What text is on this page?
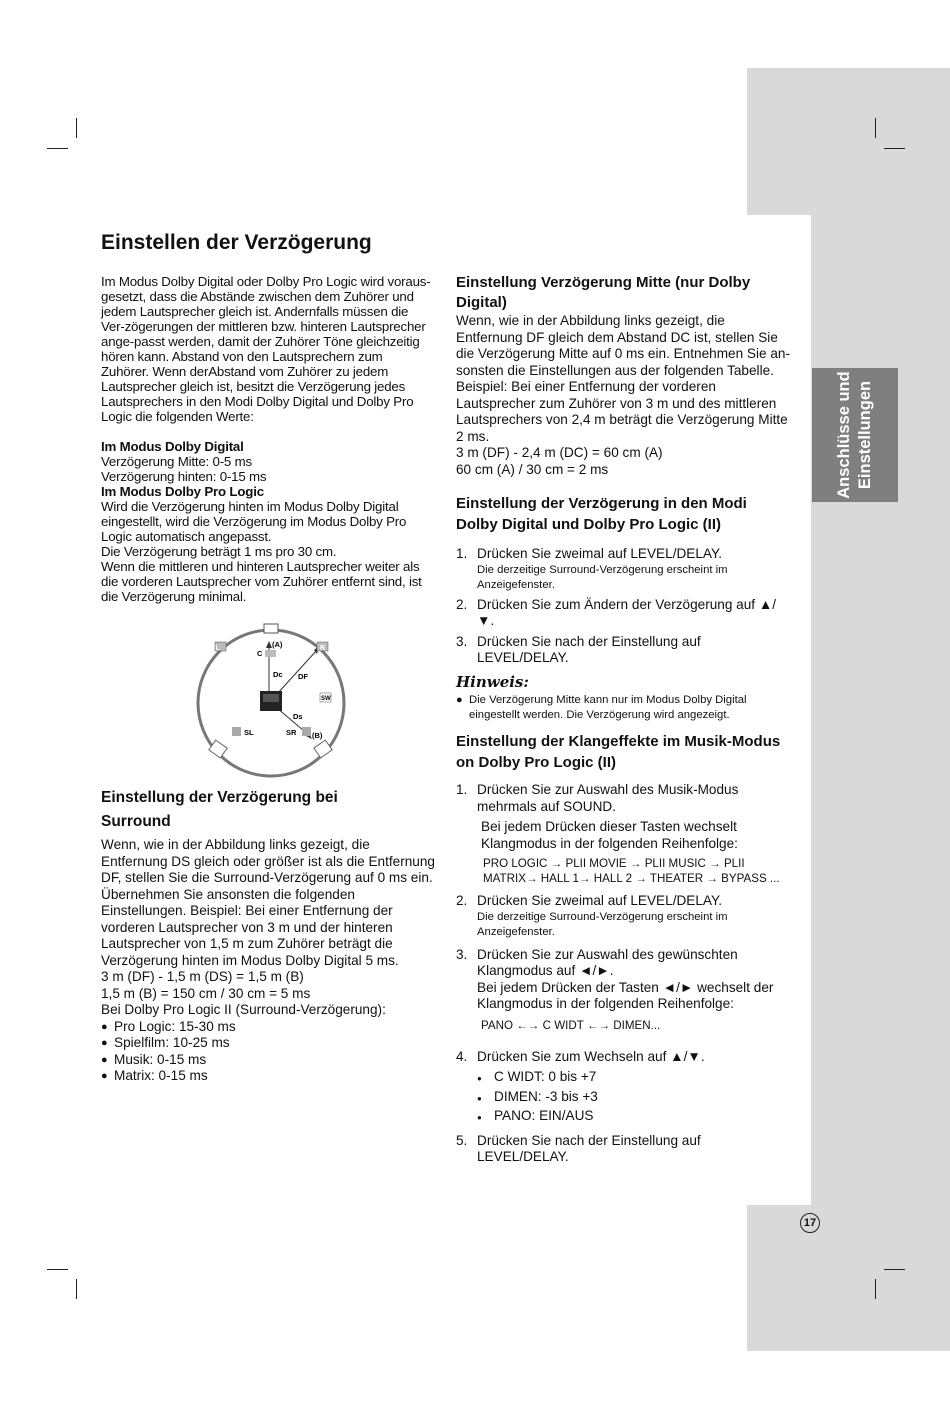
Anschlüsse und Einstellungen
Einstellen der Verzögerung

Im Modus Dolby Digital oder Dolby Pro Logic wird voraus-gesetzt, dass die Abstände zwischen dem Zuhörer und jedem Lautsprecher gleich ist. Andernfalls müssen die Ver-zögerungen der mittleren bzw. hinteren Lautsprecher ange-passt werden, damit der Zuhörer Töne gleichzeitig hören kann. Abstand von den Lautsprechern zum Zuhörer. Wenn derAbstand vom Zuhörer zu jedem Lautsprecher gleich ist, besitzt die Verzögerung jedes Lautsprechers in den Modi Dolby Digital und Dolby Pro Logic die folgenden Werte:

Im Modus Dolby Digital

Verzögerung Mitte: 0-5 ms

Verzögerung hinten: 0-15 ms

Im Modus Dolby Pro Logic

Wird die Verzögerung hinten im Modus Dolby Digital eingestellt, wird die Verzögerung im Modus Dolby Pro Logic automatisch angepasst.

Die Verzögerung beträgt 1 ms pro 30 cm.

Wenn die mittleren und hinteren Lautsprecher weiter als die vorderen Lautsprecher vom Zuhörer entfernt sind, ist die Verzögerung minimal.

L	R
C
(A)
Dc DF
Ds
SW
SL	SR (B)
Einstellung der Verzögerung bei
Surround

Wenn, wie in der Abbildung links gezeigt, die Entfernung DS gleich oder größer ist als die Entfernung DF, stellen Sie die Surround-Verzögerung auf 0 ms ein.

Übernehmen Sie ansonsten die folgenden Einstellungen. Beispiel: Bei einer Entfernung der vorderen Lautsprecher von 3 m und der hinteren Lautsprecher von 1,5 m zum Zuhörer beträgt die Verzögerung hinten im Modus Dolby Digital 5 ms.

3 m (DF) - 1,5 m (DS) = 1,5 m (B)

1,5 m (B) = 150 cm / 30 cm = 5 ms

Bei Dolby Pro Logic II (Surround-Verzögerung):

● Pro Logic: 15-30 ms
● Spielfilm: 10-25 ms
● Musik: 0-15 ms
● Matrix: 0-15 ms
Einstellung Verzögerung Mitte (nur Dolby Digital)

Wenn, wie in der Abbildung links gezeigt, die Entfernung DF gleich dem Abstand DC ist, stellen Sie die Verzögerung Mitte auf 0 ms ein. Entnehmen Sie an-sonsten die Einstellungen aus der folgenden Tabelle. Beispiel: Bei einer Entfernung der vorderen Lautsprecher zum Zuhörer von 3 m und des mittleren Lautsprechers von 2,4 m beträgt die Verzögerung Mitte 2 ms.

3 m (DF) - 2,4 m (DC) = 60 cm (A)

60 cm (A) / 30 cm = 2 ms

Einstellung der Verzögerung in den Modi Dolby Digital und Dolby Pro Logic (II)
1. Drücken Sie zweimal auf LEVEL/DELAY.
Die derzeitige Surround-Verzögerung erscheint im Anzeigefenster.
2. Drücken Sie zum Ändern der Verzögerung auf ▲/▼.
3. Drücken Sie nach der Einstellung auf LEVEL/DELAY.
Hinweis:
● Die Verzögerung Mitte kann nur im Modus Dolby Digital eingestellt werden. Die Verzögerung wird angezeigt.
Einstellung der Klangeffekte im Musik-Modus on Dolby Pro Logic (II)
1. Drücken Sie zur Auswahl des Musik-Modus mehrmals auf SOUND.
Bei jedem Drücken dieser Tasten wechselt Klangmodus in der folgenden Reihenfolge:
PRO LOGIC → PLII MOVIE → PLII MUSIC → PLII MATRIX→ HALL 1→ HALL 2 → THEATER → BYPASS ...
2. Drücken Sie zweimal auf LEVEL/DELAY.
Die derzeitige Surround-Verzögerung erscheint im Anzeigefenster.
3. Drücken Sie zur Auswahl des gewünschten Klangmodus auf ◄/►.
Bei jedem Drücken der Tasten ◄/► wechselt der Klangmodus in der folgenden Reihenfolge:
PANO ←→ C WIDT ←→ DIMEN...
4. Drücken Sie zum Wechseln auf ▲/▼.
● C WIDT: 0 bis +7
● DIMEN: -3 bis +3
● PANO: EIN/AUS
5. Drücken Sie nach der Einstellung auf LEVEL/DELAY.
17
